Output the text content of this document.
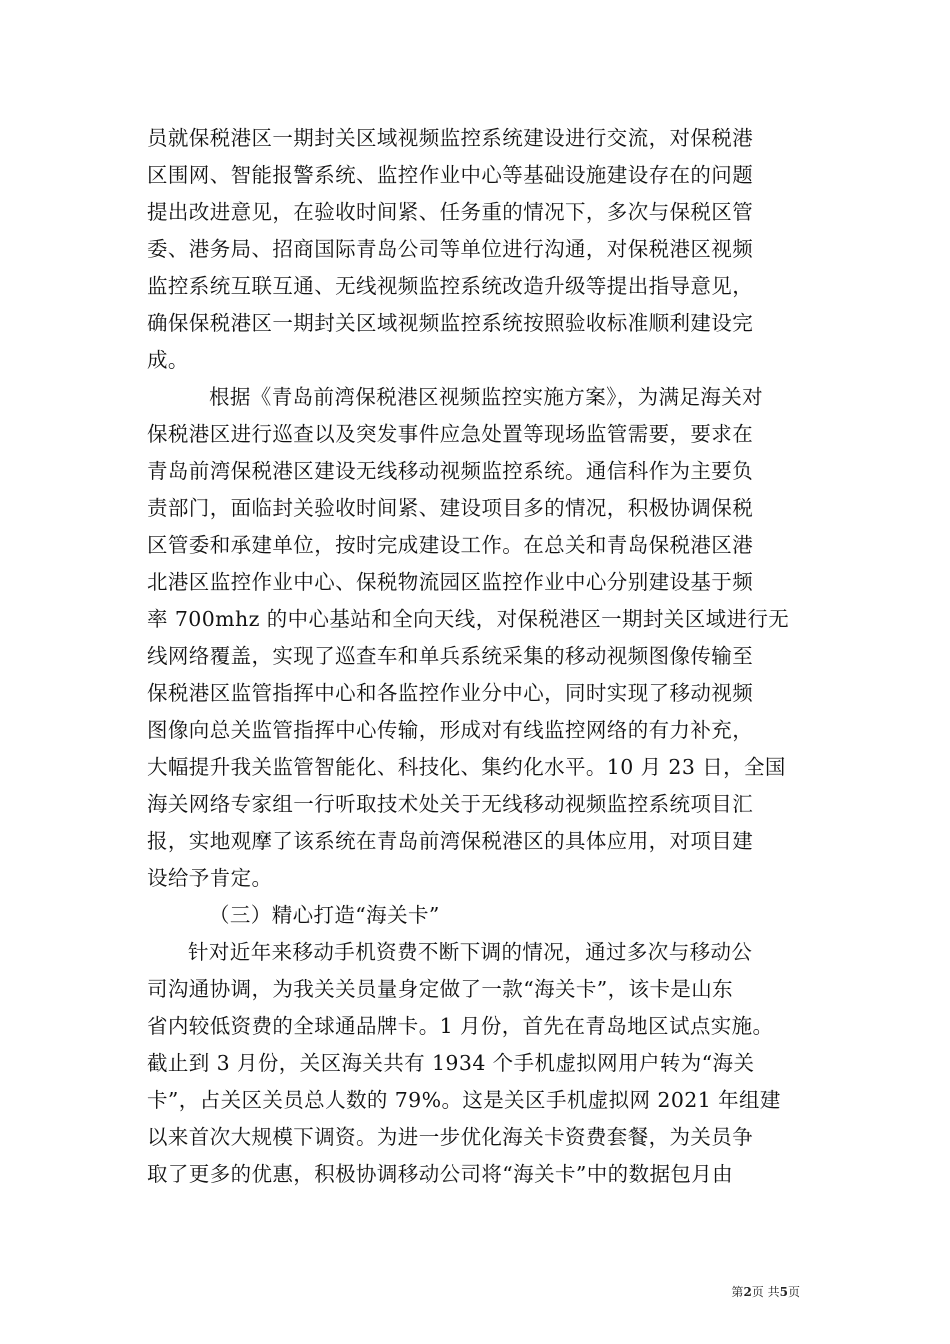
员就保税港区一期封关区域视频监控系统建设进行交流，对保税港
区围网、智能报警系统、监控作业中心等基础设施建设存在的问题
提出改进意见，在验收时间紧、任务重的情况下，多次与保税区管
委、港务局、招商国际青岛公司等单位进行沟通，对保税港区视频
监控系统互联互通、无线视频监控系统改造升级等提出指导意见，
确保保税港区一期封关区域视频监控系统按照验收标准顺利建设完
成。
根据《青岛前湾保税港区视频监控实施方案》，为满足海关对
保税港区进行巡查以及突发事件应急处置等现场监管需要，要求在
青岛前湾保税港区建设无线移动视频监控系统。通信科作为主要负
责部门，面临封关验收时间紧、建设项目多的情况，积极协调保税
区管委和承建单位，按时完成建设工作。在总关和青岛保税港区港
北港区监控作业中心、保税物流园区监控作业中心分别建设基于频
率 700mhz 的中心基站和全向天线，对保税港区一期封关区域进行无
线网络覆盖，实现了巡查车和单兵系统采集的移动视频图像传输至
保税港区监管指挥中心和各监控作业分中心，同时实现了移动视频
图像向总关监管指挥中心传输，形成对有线监控网络的有力补充，
大幅提升我关监管智能化、科技化、集约化水平。10 月 23 日，全国
海关网络专家组一行听取技术处关于无线移动视频监控系统项目汇
报，实地观摩了该系统在青岛前湾保税港区的具体应用，对项目建
设给予肯定。
（三）精心打造“海关卡”
针对近年来移动手机资费不断下调的情况，通过多次与移动公
司沟通协调，为我关关员量身定做了一款“海关卡”，该卡是山东
省内较低资费的全球通品牌卡。1 月份，首先在青岛地区试点实施。
截止到 3 月份，关区海关共有 1934 个手机虚拟网用户转为“海关
卡”，占关区关员总人数的 79%。这是关区手机虚拟网 2021 年组建
以来首次大规模下调资。为进一步优化海关卡资费套餐，为关员争
取了更多的优惠，积极协调移动公司将“海关卡”中的数据包月由
第2页 共5页
